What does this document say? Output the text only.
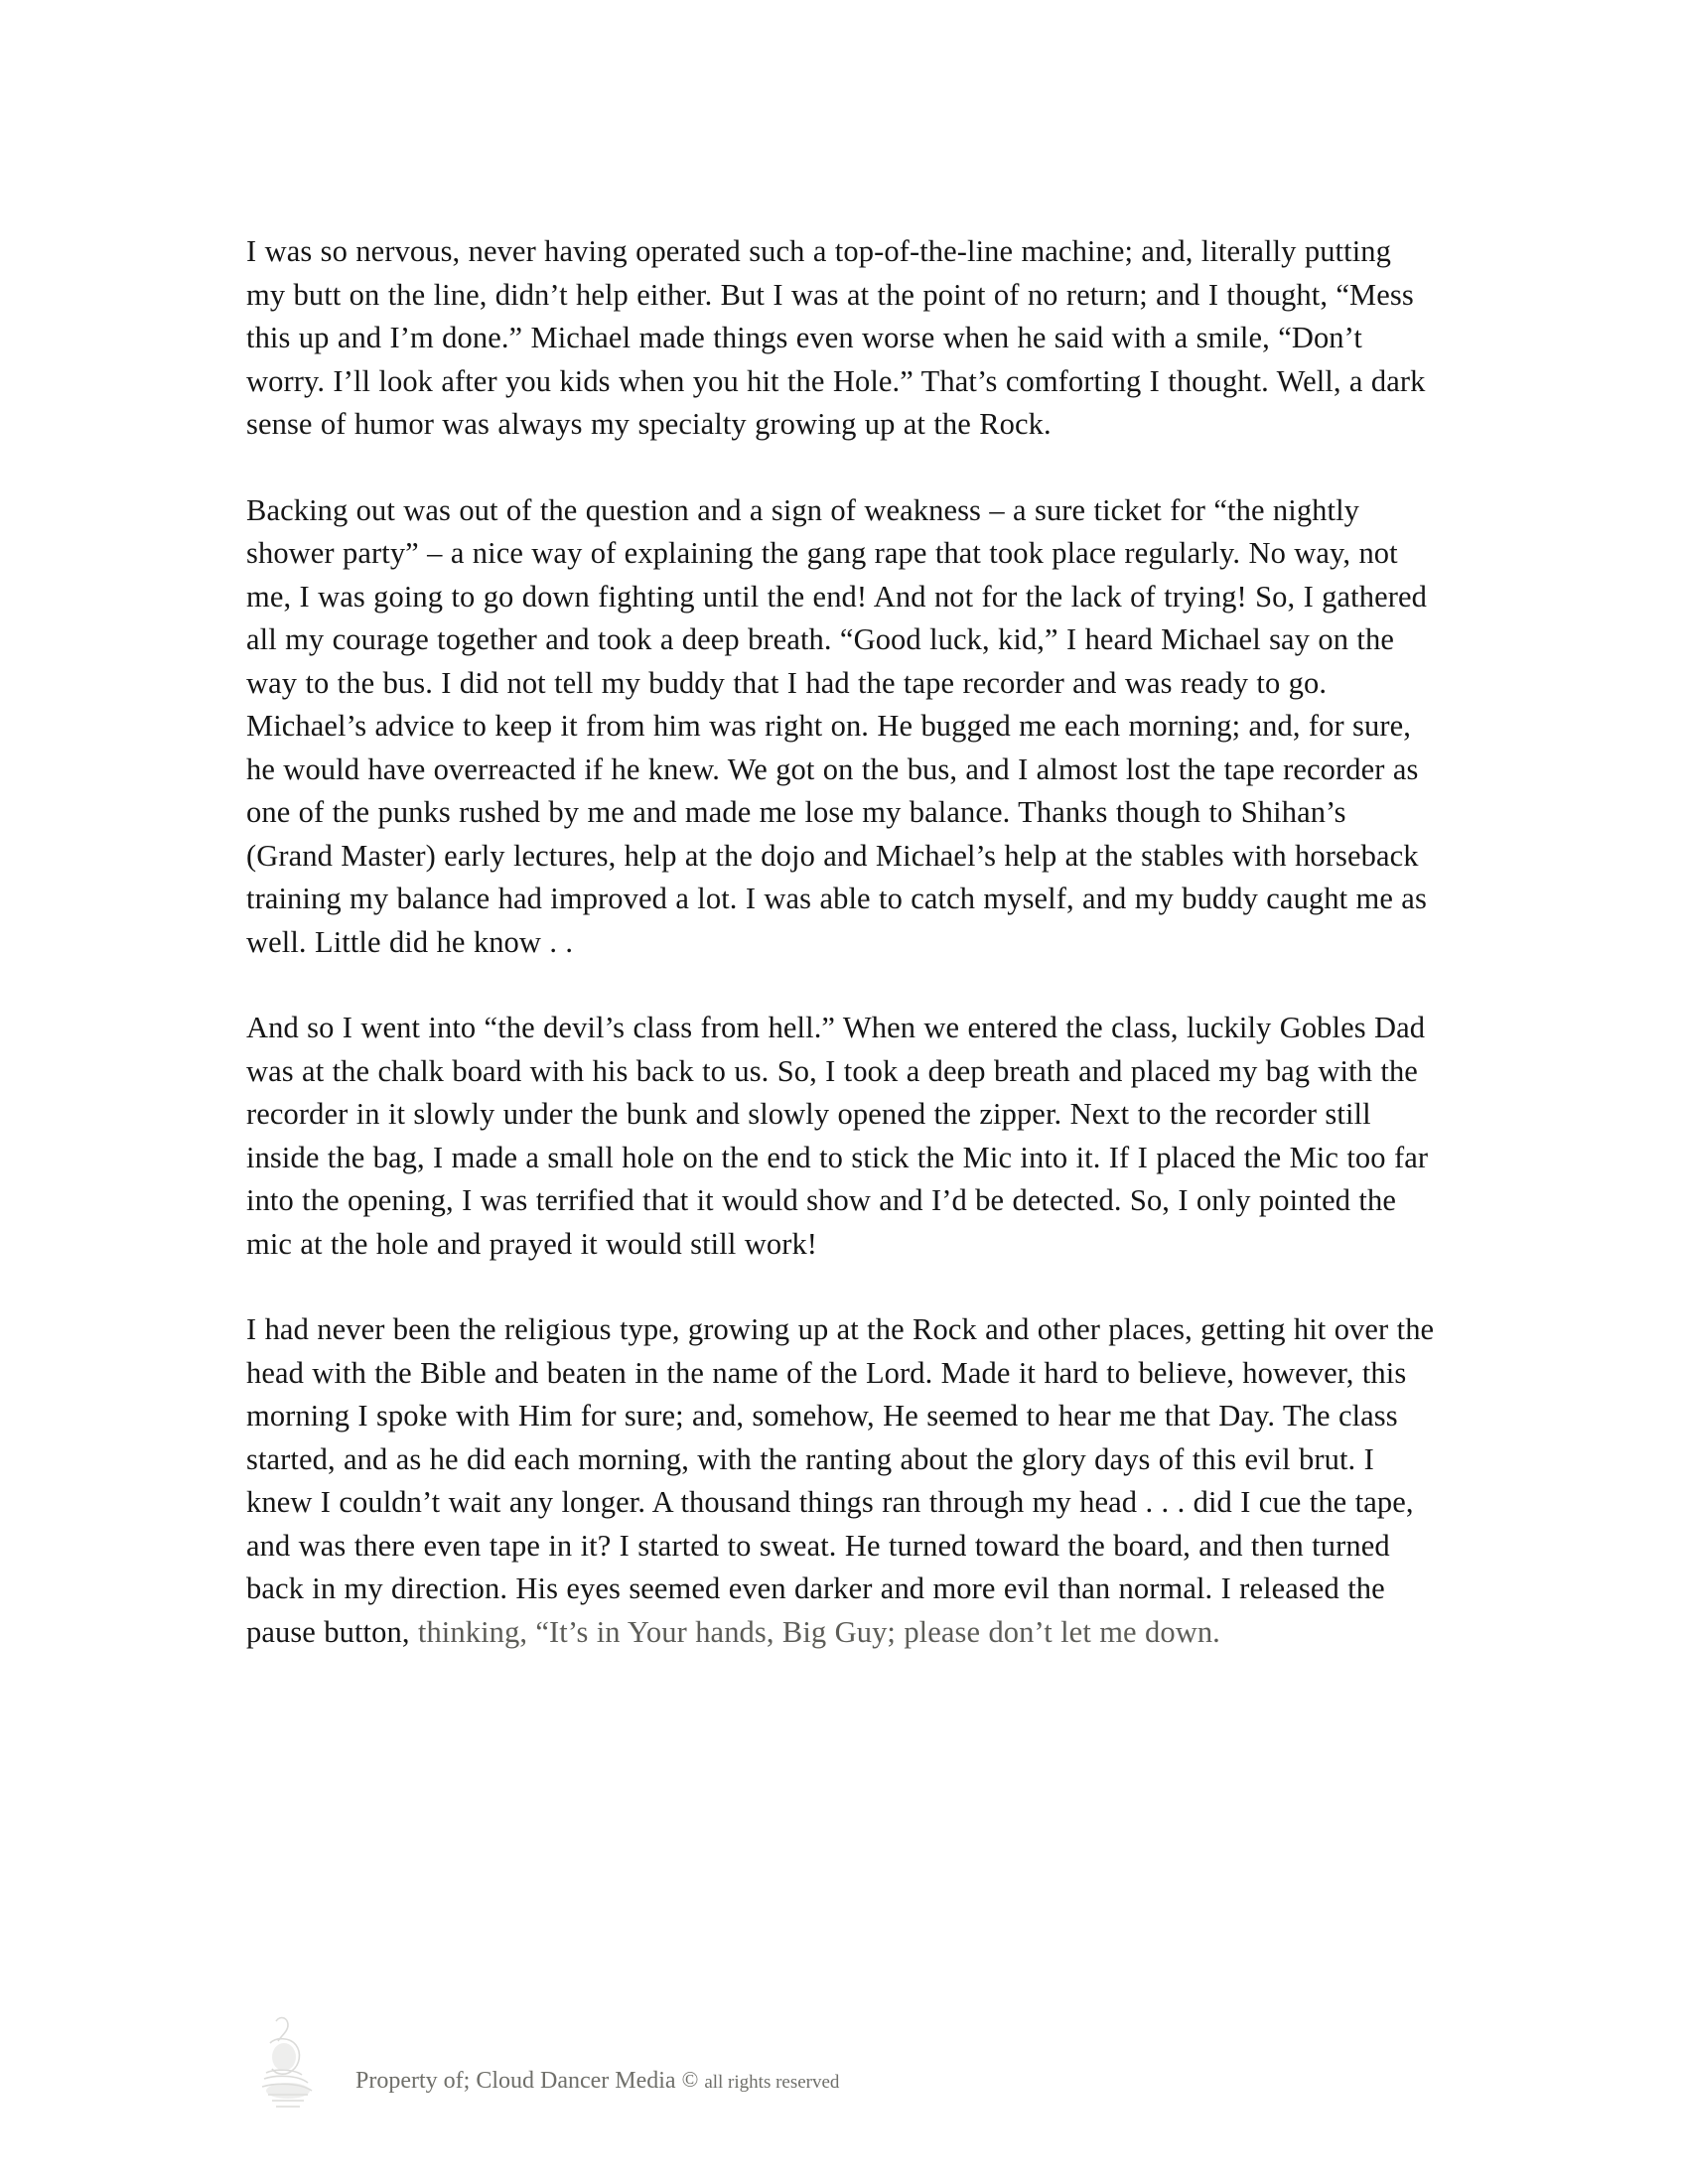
I was so nervous, never having operated such a top-of-the-line machine; and, literally putting my butt on the line, didn’t help either. But I was at the point of no return; and I thought, “Mess this up and I’m done.” Michael made things even worse when he said with a smile, “Don’t worry. I’ll look after you kids when you hit the Hole.” That’s comforting I thought. Well, a dark sense of humor was always my specialty growing up at the Rock.

Backing out was out of the question and a sign of weakness – a sure ticket for “the nightly shower party” – a nice way of explaining the gang rape that took place regularly. No way, not me, I was going to go down fighting until the end! And not for the lack of trying! So, I gathered all my courage together and took a deep breath. “Good luck, kid,” I heard Michael say on the way to the bus. I did not tell my buddy that I had the tape recorder and was ready to go. Michael’s advice to keep it from him was right on. He bugged me each morning; and, for sure, he would have overreacted if he knew. We got on the bus, and I almost lost the tape recorder as one of the punks rushed by me and made me lose my balance. Thanks though to Shihan’s (Grand Master) early lectures, help at the dojo and Michael’s help at the stables with horseback training my balance had improved a lot. I was able to catch myself, and my buddy caught me as well. Little did he know . .

And so I went into “the devil’s class from hell.” When we entered the class, luckily Gobles Dad was at the chalk board with his back to us. So, I took a deep breath and placed my bag with the recorder in it slowly under the bunk and slowly opened the zipper. Next to the recorder still inside the bag, I made a small hole on the end to stick the Mic into it. If I placed the Mic too far into the opening, I was terrified that it would show and I’d be detected. So, I only pointed the mic at the hole and prayed it would still work!

I had never been the religious type, growing up at the Rock and other places, getting hit over the head with the Bible and beaten in the name of the Lord. Made it hard to believe, however, this morning I spoke with Him for sure; and, somehow, He seemed to hear me that Day. The class started, and as he did each morning, with the ranting about the glory days of this evil brut. I knew I couldn’t wait any longer. A thousand things ran through my head . . . did I cue the tape, and was there even tape in it? I started to sweat. He turned toward the board, and then turned back in my direction. His eyes seemed even darker and more evil than normal. I released the pause button, thinking, “It’s in Your hands, Big Guy; please don’t let me down.

Property of; Cloud Dancer Media © all rights reserved
